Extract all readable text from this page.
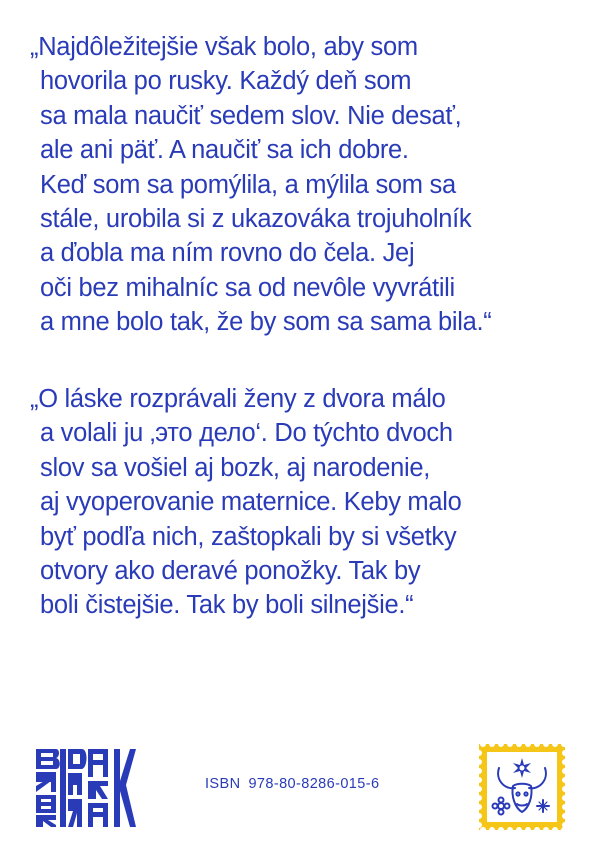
„Najdôležitejšie však bolo, aby som
hovorila po rusky. Každý deň som
sa mala naučiť sedem slov. Nie desať,
ale ani päť. A naučiť sa ich dobre.
Keď som sa pomýlila, a mýlila som sa
stále, urobila si z ukazováka trojuholník
a ďobla ma ním rovno do čela. Jej
oči bez mihalníc sa od nevôle vyvrátili
a mne bolo tak, že by som sa sama bila.“
„O láske rozprávali ženy z dvora málo
a volali ju ‚это дело‘. Do týchto dvoch
slov sa vošiel aj bozk, aj narodenie,
aj vyoperovanie maternice. Keby malo
byť podľa nich, zaštopkali by si všetky
otvory ako deravé ponožky. Tak by
boli čistejšie. Tak by boli silnejšie.“
ISBN 978-80-8286-015-6
